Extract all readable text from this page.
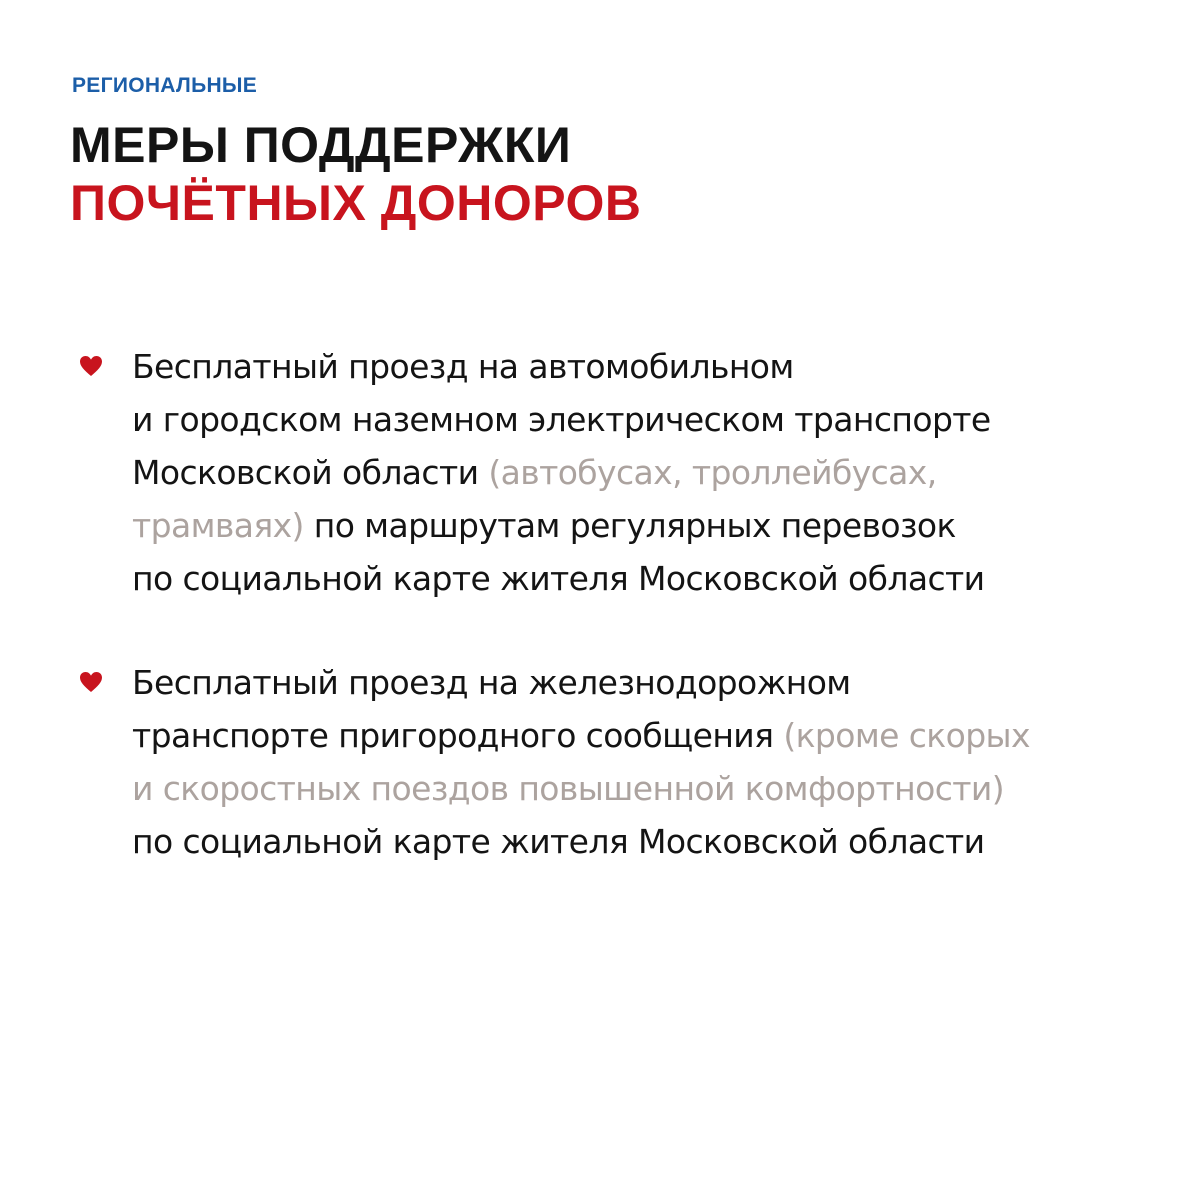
РЕГИОНАЛЬНЫЕ
МЕРЫ ПОДДЕРЖКИ
ПОЧЁТНЫХ ДОНОРОВ

Бесплатный проезд на автомобильном
и городском наземном электрическом транспорте
Московской области (автобусах, троллейбусах,
трамваях) по маршрутам регулярных перевозок
по социальной карте жителя Московской области

Бесплатный проезд на железнодорожном
транспорте пригородного сообщения (кроме скорых
и скоростных поездов повышенной комфортности)
по социальной карте жителя Московской области
